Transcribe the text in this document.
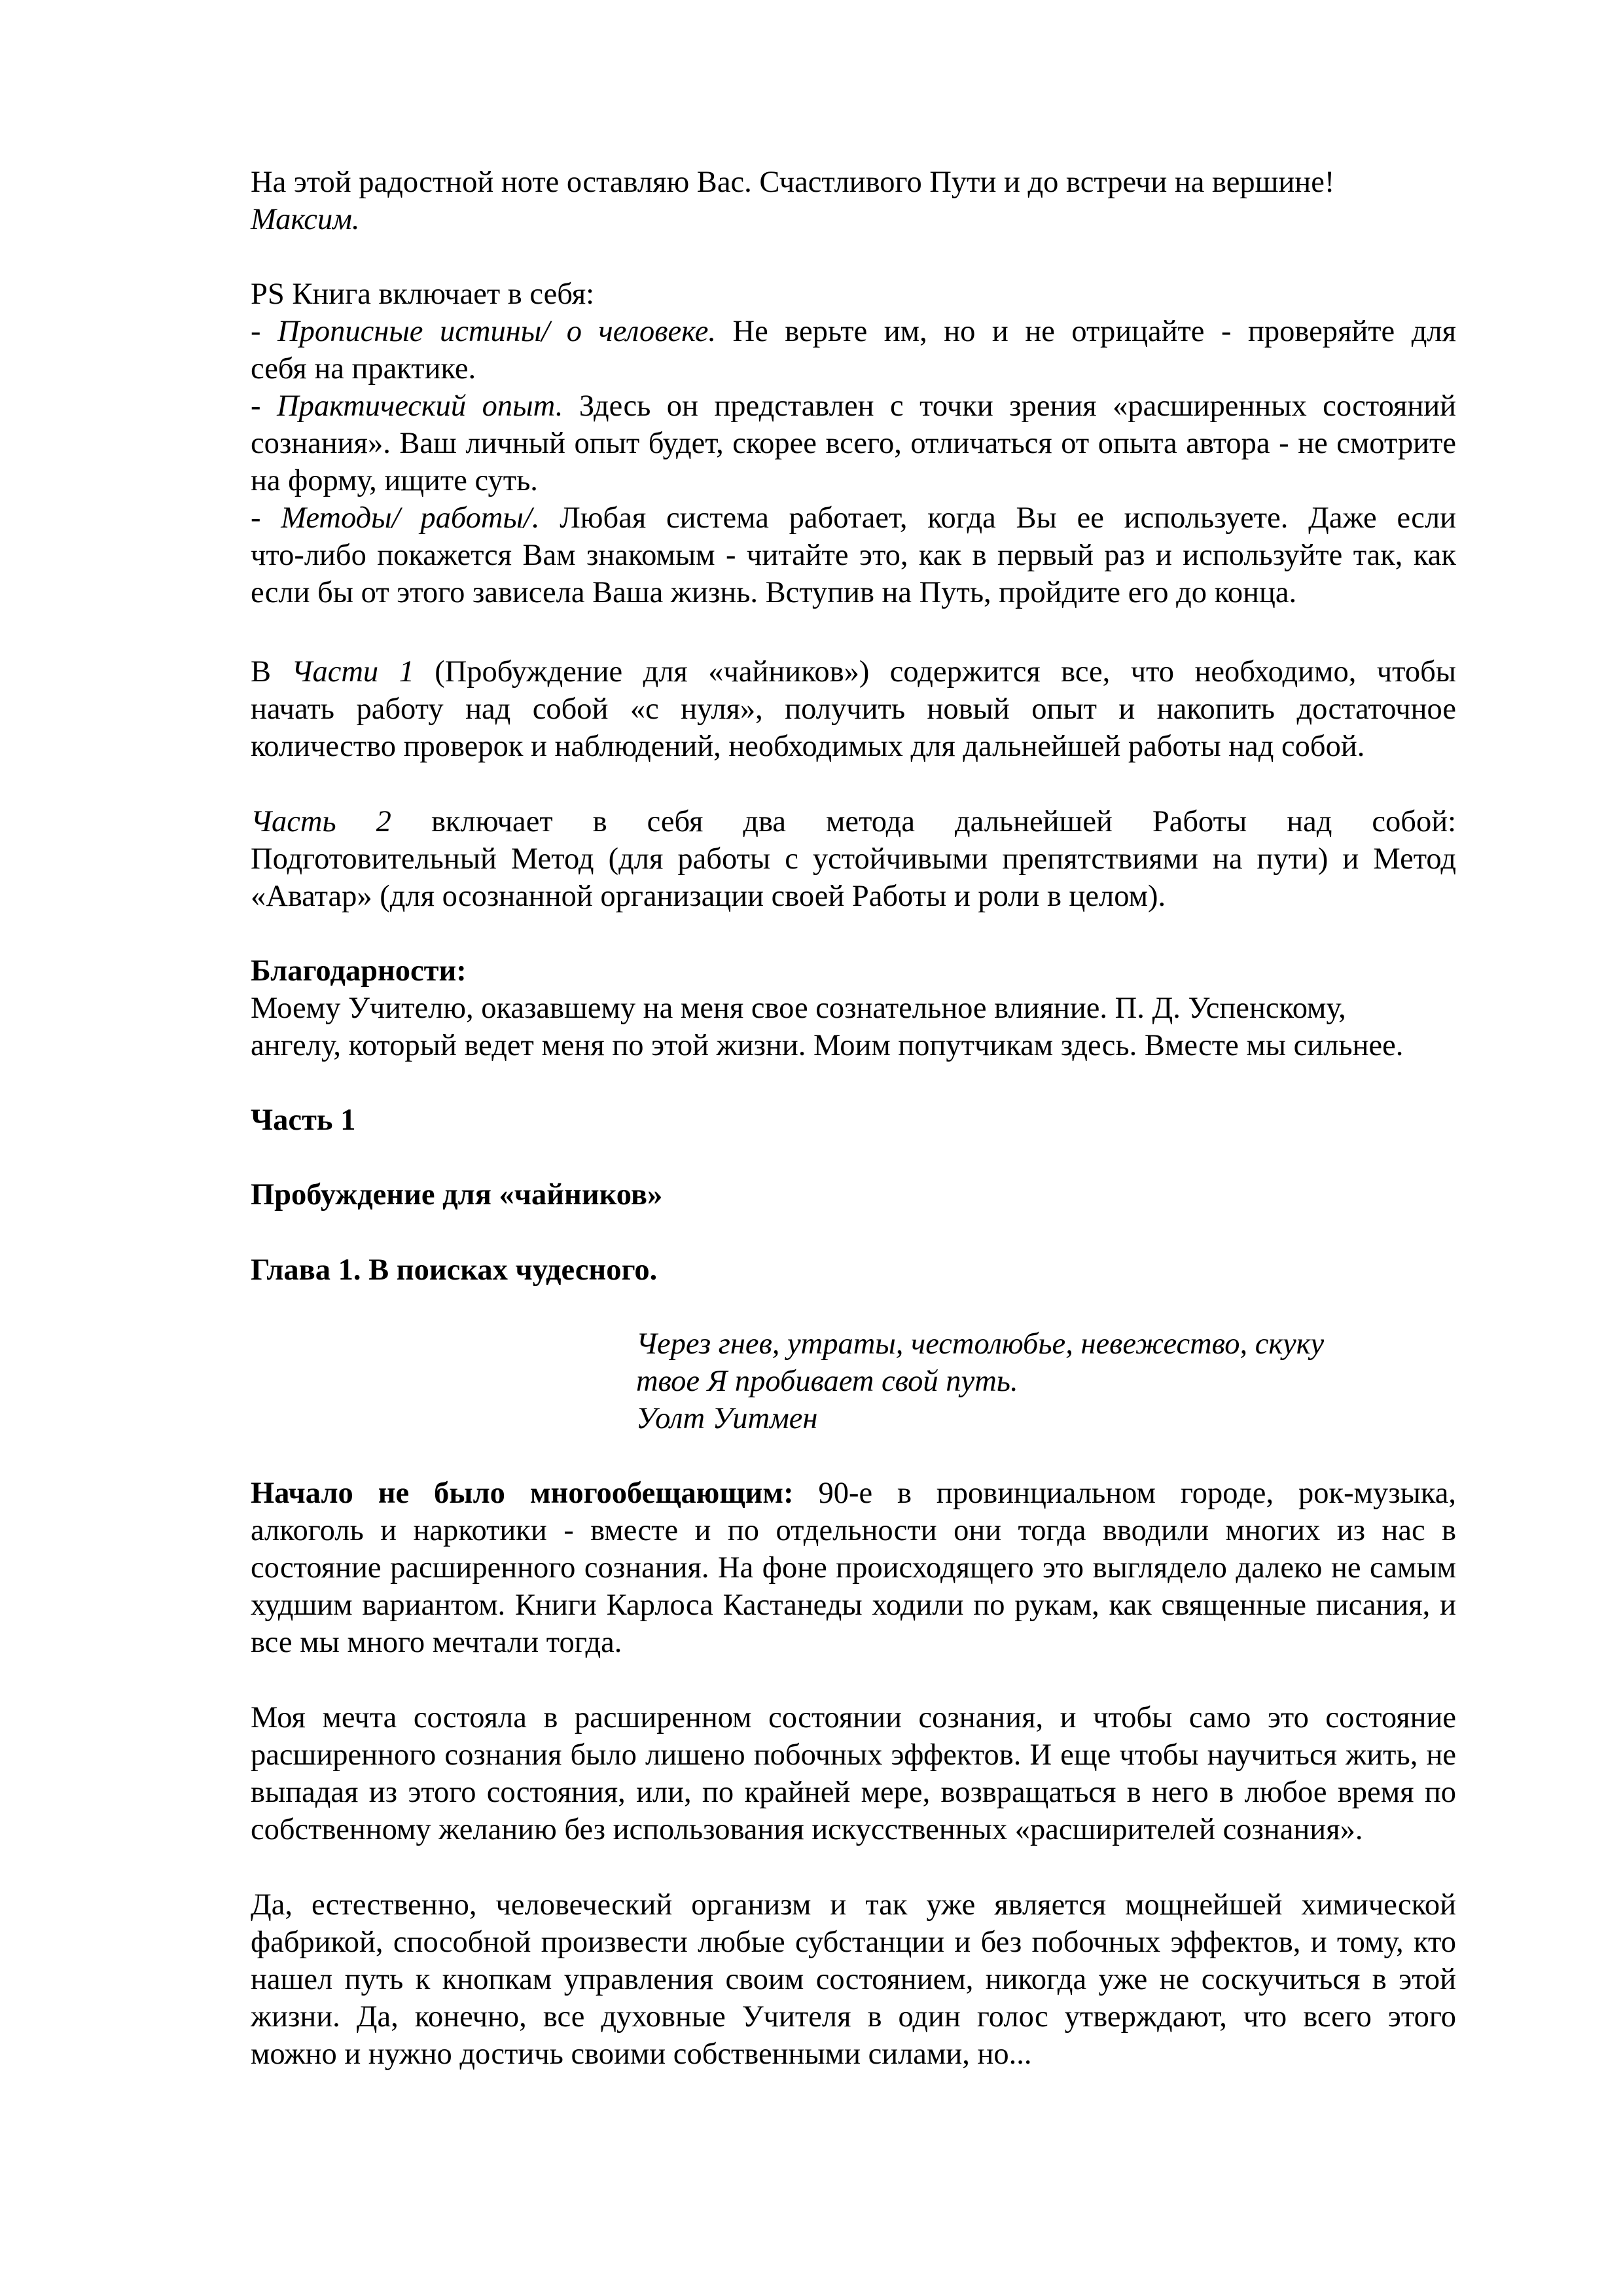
На этой радостной ноте оставляю Вас. Счастливого Пути и до встречи на вершине!

Максим.

PS Книга включает в себя:

- Прописные истины/ о человеке. Не верьте им, но и не отрицайте - проверяйте для

себя на практике.

- Практический опыт. Здесь он представлен с точки зрения «расширенных состояний

сознания». Ваш личный опыт будет, скорее всего, отличаться от опыта автора - не смотрите

на форму, ищите суть.

- Методы/ работы/. Любая система работает, когда Вы ее используете. Даже если

что-либо покажется Вам знакомым - читайте это, как в первый раз и используйте так, как

если бы от этого зависела Ваша жизнь. Вступив на Путь, пройдите его до конца.

В Части 1 (Пробуждение для «чайников») содержится все, что необходимо, чтобы

начать работу над собой «с нуля», получить новый опыт и накопить достаточное

количество проверок и наблюдений, необходимых для дальнейшей работы над собой.

Часть 2 включает в себя два метода дальнейшей Работы над собой:

Подготовительный Метод (для работы с устойчивыми препятствиями на пути) и Метод

«Аватар» (для осознанной организации своей Работы и роли в целом).

Благодарности:

Моему Учителю, оказавшему на меня свое сознательное влияние. П. Д. Успенскому,

ангелу, который ведет меня по этой жизни. Моим попутчикам здесь. Вместе мы сильнее.

Часть 1

Пробуждение для «чайников»

Глава 1. В поисках чудесного.

Через гнев, утраты, честолюбье, невежество, скуку

твое Я пробивает свой путь.

Уолт Уитмен

Начало не было многообещающим: 90-е в провинциальном городе, рок-музыка,

алкоголь и наркотики - вместе и по отдельности они тогда вводили многих из нас в

состояние расширенного сознания. На фоне происходящего это выглядело далеко не самым

худшим вариантом. Книги Карлоса Кастанеды ходили по рукам, как священные писания, и

все мы много мечтали тогда.

Моя мечта состояла в расширенном состоянии сознания, и чтобы само это состояние

расширенного сознания было лишено побочных эффектов. И еще чтобы научиться жить, не

выпадая из этого состояния, или, по крайней мере, возвращаться в него в любое время по

собственному желанию без использования искусственных «расширителей сознания».

Да, естественно, человеческий организм и так уже является мощнейшей химической

фабрикой, способной произвести любые субстанции и без побочных эффектов, и тому, кто

нашел путь к кнопкам управления своим состоянием, никогда уже не соскучиться в этой

жизни. Да, конечно, все духовные Учителя в один голос утверждают, что всего этого

можно и нужно достичь своими собственными силами, но...
